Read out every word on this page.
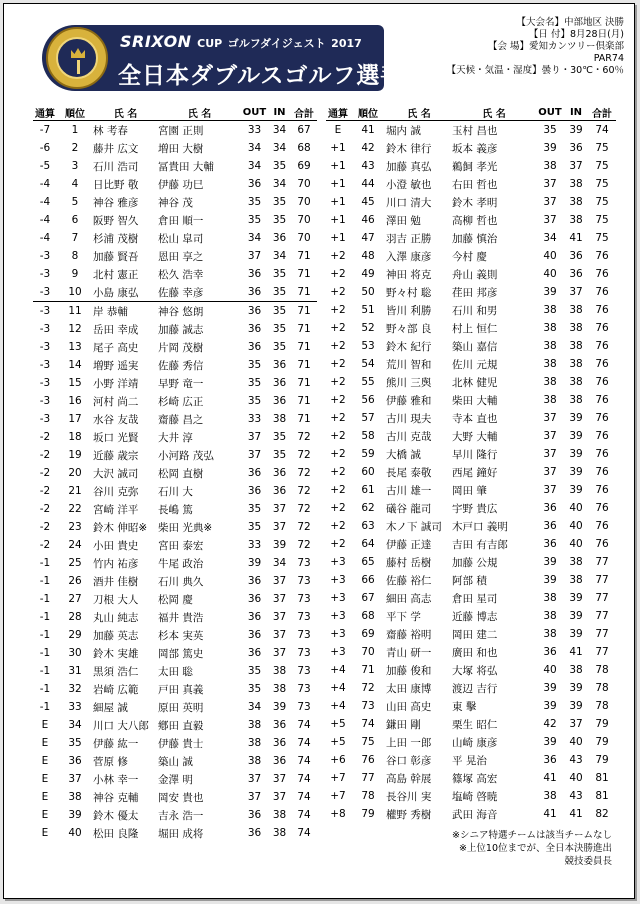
SRIXON CUP ゴルフダイジェスト 2017
全日本ダブルスゴルフ選手権
【大会名】中部地区 決勝
【日 付】8月28日(月)
【会 場】愛知カンツリー倶楽部
PAR74
【天候・気温・湿度】曇り・30℃・60％
通算	順位	氏 名	氏 名	OUT	IN	合計
-7	1	林 考春	宮園 正則	33	34	67
-6	2	藤井 広文	増田 大樹	34	34	68
-5	3	石川 浩司	冨貴田 大輔	34	35	69
-4	4	日比野 敬	伊藤 功巳	36	34	70
-4	5	神谷 雅彦	神谷 茂	35	35	70
-4	6	阪野 智久	倉田 順一	35	35	70
-4	7	杉浦 茂樹	松山 皐司	34	36	70
-3	8	加藤 賢吾	恩田 享之	37	34	71
-3	9	北村 憲正	松久 浩幸	36	35	71
-3	10	小島 康弘	佐藤 幸彦	36	35	71
-3	11	岸 恭輔	神谷 悠朗	36	35	71
-3	12	岳田 幸成	加藤 誠志	36	35	71
-3	13	尾子 高史	片岡 茂樹	36	35	71
-3	14	増野 遥実	佐藤 秀信	35	36	71
-3	15	小野 洋靖	早野 竜一	35	36	71
-3	16	河村 尚二	杉崎 広正	35	36	71
-3	17	水谷 友哉	齋藤 昌之	33	38	71
-2	18	坂口 光賢	大井 淳	37	35	72
-2	19	近藤 歳宗	小河路 茂弘	37	35	72
-2	20	大沢 誠司	松岡 直樹	36	36	72
-2	21	谷川 克弥	石川 大	36	36	72
-2	22	宮崎 洋平	長嶋 篤	35	37	72
-2	23	鈴木 伸昭※	柴田 光典※	35	37	72
-2	24	小田 貴史	宮田 泰宏	33	39	72
-1	25	竹内 祐彦	牛尾 政治	39	34	73
-1	26	酒井 佳樹	石川 典久	36	37	73
-1	27	刀根 大人	松岡 慶	36	37	73
-1	28	丸山 純志	福井 貴浩	36	37	73
-1	29	加藤 英志	杉本 実英	36	37	73
-1	30	鈴木 実雄	岡部 篤史	36	37	73
-1	31	黒須 浩仁	太田 聡	35	38	73
-1	32	岩崎 広範	戸田 真義	35	38	73
-1	33	細屋 誠	原田 英明	34	39	73
E	34	川口 大八郎	鄕田 直毅	38	36	74
E	35	伊藤 紘一	伊藤 貴士	38	36	74
E	36	菅原 修	築山 誠	38	36	74
E	37	小林 幸一	金澤 明	37	37	74
E	38	神谷 克輔	岡安 貴也	37	37	74
E	39	鈴木 優太	吉永 浩一	36	38	74
E	40	松田 良隆	堀田 成将	36	38	74
通算	順位	氏 名	氏 名	OUT	IN	合計
E	41	堀内 誠	玉村 昌也	35	39	74
+1	42	鈴木 律行	坂本 義彦	39	36	75
+1	43	加藤 真弘	鵜飼 孝光	38	37	75
+1	44	小澄 敏也	右田 哲也	37	38	75
+1	45	川口 清大	鈴木 孝明	37	38	75
+1	46	澤田 勉	高柳 哲也	37	38	75
+1	47	羽吉 正勝	加藤 慎治	34	41	75
+2	48	入澤 康彦	今村 慶	40	36	76
+2	49	神田 将克	舟山 義則	40	36	76
+2	50	野々村 聡	荏田 邦彦	39	37	76
+2	51	皆川 利勝	石川 和男	38	38	76
+2	52	野々部 良	村上 恒仁	38	38	76
+2	53	鈴木 紀行	築山 嘉信	38	38	76
+2	54	荒川 智和	佐川 元規	38	38	76
+2	55	熊川 三舆	北林 健児	38	38	76
+2	56	伊藤 雅和	柴田 大輔	38	38	76
+2	57	古川 現夫	寺本 直也	37	39	76
+2	58	古川 克哉	大野 大輔	37	39	76
+2	59	大橋 誠	早川 隆行	37	39	76
+2	60	長尾 泰敬	西尾 鐘好	37	39	76
+2	61	古川 雄一	岡田 肇	37	39	76
+2	62	礒谷 龍司	宇野 貴広	36	40	76
+2	63	木ノ下 誠司	木戸口 義明	36	40	76
+2	64	伊藤 正達	吉田 有吉郎	36	40	76
+3	65	藤村 岳樹	加藤 公規	39	38	77
+3	66	佐藤 裕仁	阿部 積	39	38	77
+3	67	細田 高志	倉田 星司	38	39	77
+3	68	平下 学	近藤 博志	38	39	77
+3	69	齋藤 裕明	岡田 建二	38	39	77
+3	70	青山 研一	廣田 和也	36	41	77
+4	71	加藤 俊和	大塚 将弘	40	38	78
+4	72	太田 康博	渡辺 吉行	39	39	78
+4	73	山田 高史	東 擊	39	39	78
+5	74	鎌田 剛	栗生 昭仁	42	37	79
+5	75	上田 一郎	山崎 康彦	39	40	79
+6	76	谷口 彰彦	平 晃治	36	43	79
+7	77	高島 幹展	篠塚 高宏	41	40	81
+7	78	長谷川 実	塩崎 啓暁	38	43	81
+8	79	權野 秀樹	武田 海音	41	41	82
※シニア特選チームは該当チームなし
※上位10位までが、全日本決勝進出
競技委員長
